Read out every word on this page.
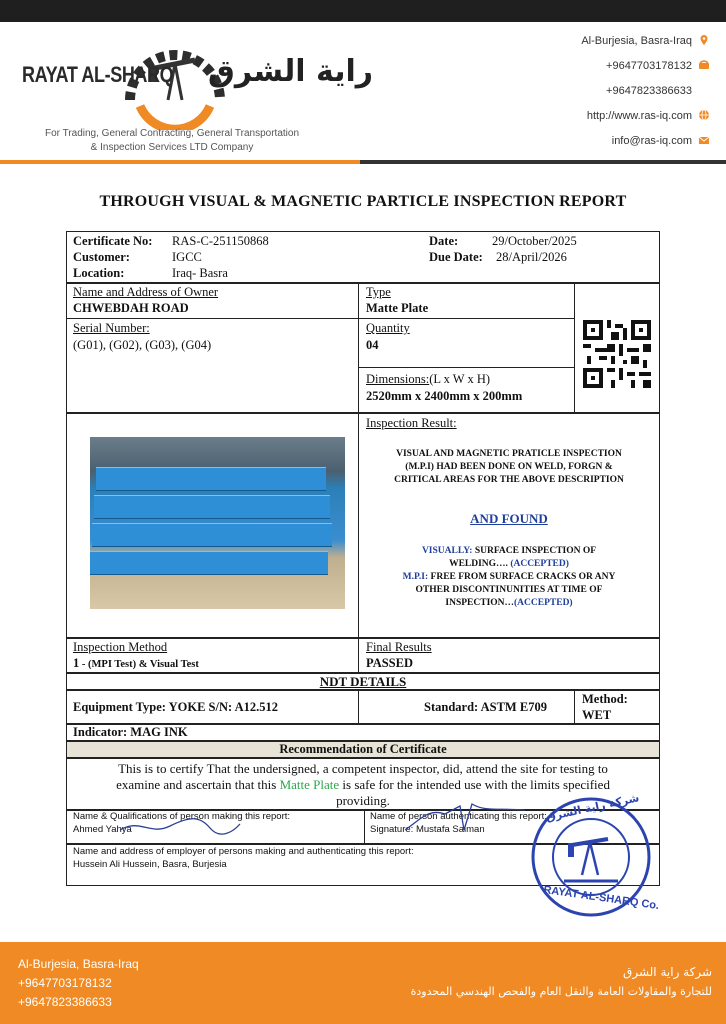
RAYAT AL-SHARQ راية الشرق
For Trading, General Contracting, General Transportation
& Inspection Services LTD Company
Al-Burjesia, Basra-Iraq
+9647703178132
+9647823386633
http://www.ras-iq.com
info@ras-iq.com
THROUGH VISUAL & MAGNETIC PARTICLE INSPECTION REPORT
Certificate No: RAS-C-251150868
Customer:	IGCC
Location:	Iraq- Basra
Date:	29/October/2025
Due Date: 28/April/2026
Name and Address of Owner
CHWEBDAH ROAD
Type
Matte Plate
Serial Number:
(G01), (G02), (G03), (G04)
Quantity
04
Dimensions:(L x W x H)
2520mm x 2400mm x 200mm
Inspection Result:
VISUAL AND MAGNETIC PRATICLE INSPECTION
(M.P.I) HAD BEEN DONE ON WELD, FORGN &
CRITICAL AREAS FOR THE ABOVE DESCRIPTION
AND FOUND
VISUALLY: SURFACE INSPECTION OF
WELDING…. (ACCEPTED)
M.P.I: FREE FROM SURFACE CRACKS OR ANY
OTHER DISCONTINUNITIES AT TIME OF
INSPECTION…(ACCEPTED)
Inspection Method
1 - (MPI Test) & Visual Test
Final Results
PASSED
NDT DETAILS
Equipment Type: YOKE S/N: A12.512	Standard: ASTM E709
Method:
WET
Indicator: MAG INK
Recommendation of Certificate
This is to certify That the undersigned, a competent inspector, did, attend the site for testing to
examine and ascertain that this Matte Plate is safe for the intended use with the limits specified
providing.
Name & Qualifications of person making this report:
Ahmed Yahya
Name of person authenticating this report:
Signature: Mustafa Salman
Name and address of employer of persons making and authenticating this report:
Hussein Ali Hussein, Basra, Burjesia
شركة راية الشرق
RAYAT AL-SHARQ Co.
Al-Burjesia, Basra-Iraq
+9647703178132
+9647823386633
شركة راية الشرق
للتجارة والمقاولات العامة والنقل العام والفحص الهندسي المحدودة
